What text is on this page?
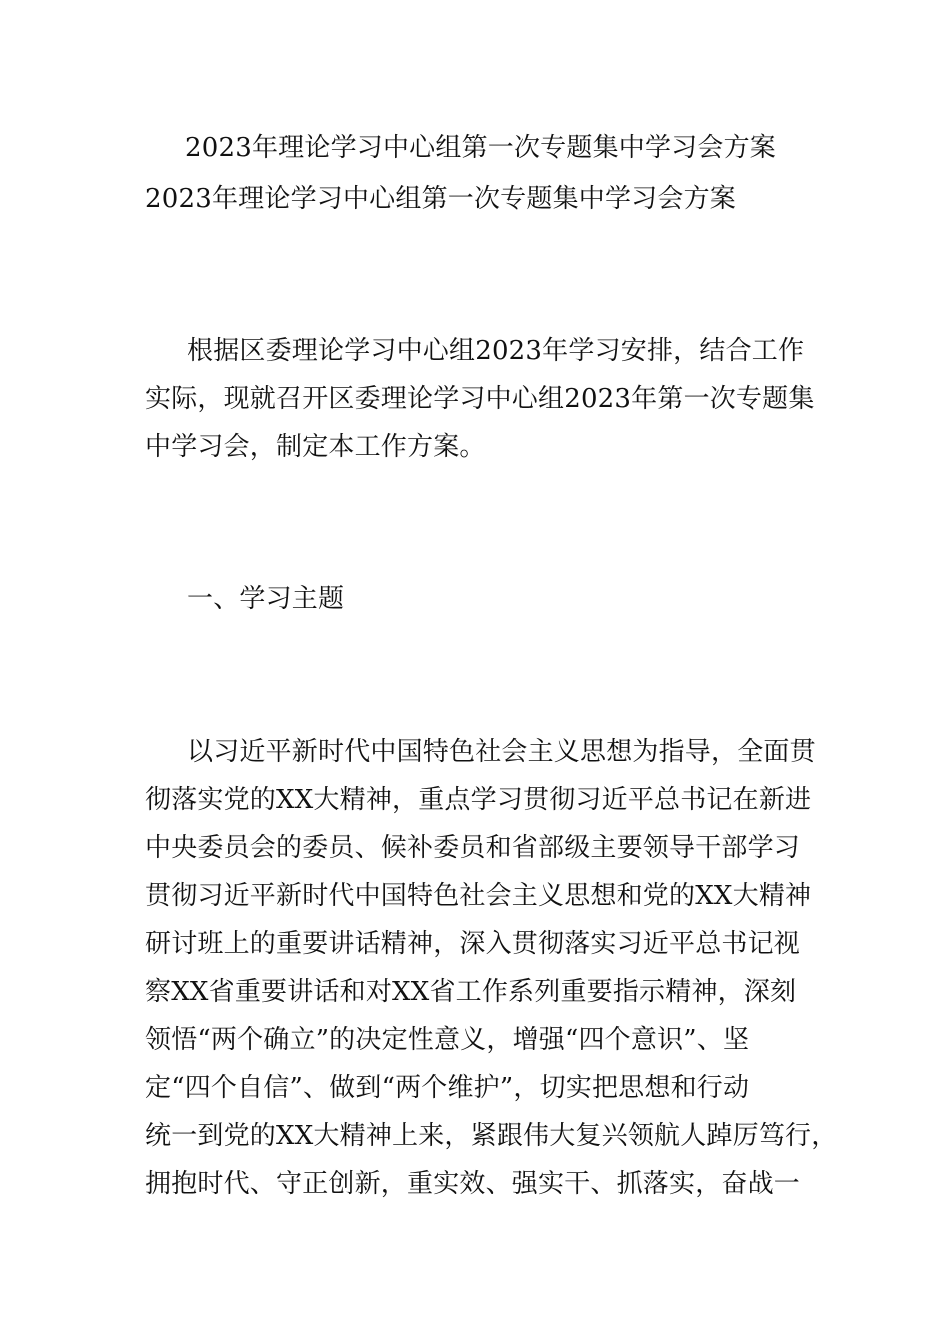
2023年理论学习中心组第一次专题集中学习会方案

2023年理论学习中心组第一次专题集中学习会方案

根据区委理论学习中心组2023年学习安排，结合工作
实际，现就召开区委理论学习中心组2023年第一次专题集
中学习会，制定本工作方案。
一、学习主题
以习近平新时代中国特色社会主义思想为指导，全面贯
彻落实党的XX大精神，重点学习贯彻习近平总书记在新进
中央委员会的委员、候补委员和省部级主要领导干部学习
贯彻习近平新时代中国特色社会主义思想和党的XX大精神
研讨班上的重要讲话精神，深入贯彻落实习近平总书记视
察XX省重要讲话和对XX省工作系列重要指示精神，深刻
领悟“两个确立”的决定性意义，增强“四个意识”、坚
定“四个自信”、做到“两个维护”，切实把思想和行动
统一到党的XX大精神上来，紧跟伟大复兴领航人踔厉笃行，
拥抱时代、守正创新，重实效、强实干、抓落实，奋战一
